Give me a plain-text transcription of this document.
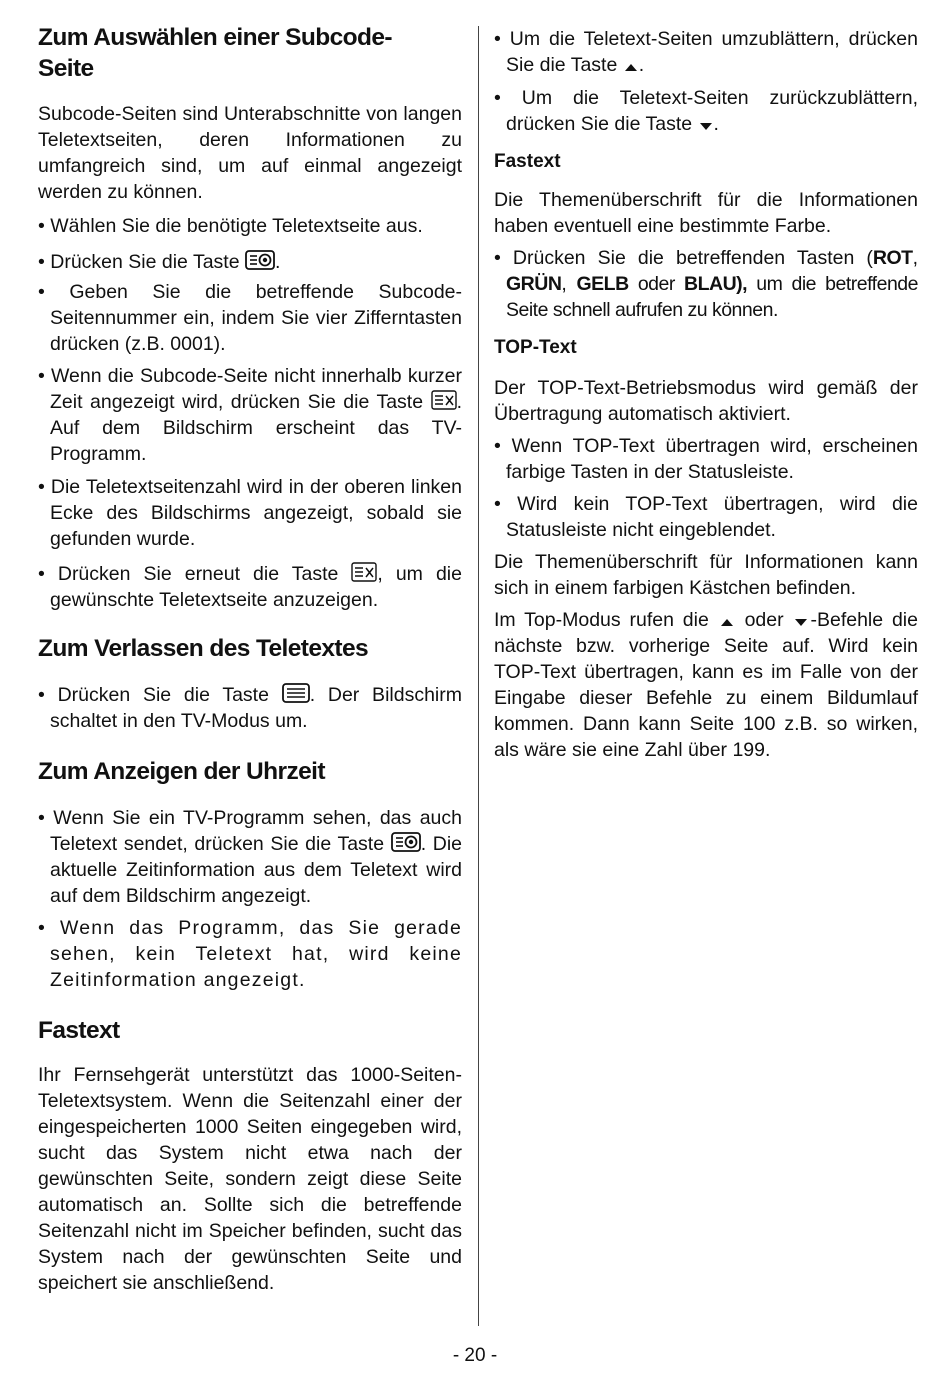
Zum Auswählen einer Subcode-Seite

Subcode-Seiten sind Unterabschnitte von langen Teletextseiten, deren Informationen zu umfangreich sind, um auf einmal angezeigt werden zu können.

• Wählen Sie die benötigte Teletextseite aus.

• Drücken Sie die Taste .

• Geben Sie die betreffende Subcode-Seitennummer ein, indem Sie vier Zifferntasten drücken (z.B. 0001).

• Wenn die Subcode-Seite nicht innerhalb kurzer Zeit angezeigt wird, drücken Sie die Taste . Auf dem Bildschirm erscheint das TV-Programm.

• Die Teletextseitenzahl wird in der oberen linken Ecke des Bildschirms angezeigt, sobald sie gefunden wurde.

• Drücken Sie erneut die Taste , um die gewünschte Teletextseite anzuzeigen.

Zum Verlassen des Teletextes

• Drücken Sie die Taste . Der Bildschirm schaltet in den TV-Modus um.

Zum Anzeigen der Uhrzeit

• Wenn Sie ein TV-Programm sehen, das auch Teletext sendet, drücken Sie die Taste . Die aktuelle Zeitinformation aus dem Teletext wird auf dem Bildschirm angezeigt.

• Wenn das Programm, das Sie gerade sehen, kein Teletext hat, wird keine Zeitinformation angezeigt.

Fastext

Ihr Fernsehgerät unterstützt das 1000-Seiten-Teletextsystem. Wenn die Seitenzahl einer der eingespeicherten 1000 Seiten eingegeben wird, sucht das System nicht etwa nach der gewünschten Seite, sondern zeigt diese Seite automatisch an. Sollte sich die betreffende Seitenzahl nicht im Speicher befinden, sucht das System nach der gewünschten Seite und speichert sie anschließend.

• Um die Teletext-Seiten umzublättern, drücken Sie die Taste .

• Um die Teletext-Seiten zurückzublättern, drücken Sie die Taste .

Fastext

Die Themenüberschrift für die Informationen haben eventuell eine bestimmte Farbe.

• Drücken Sie die betreffenden Tasten (ROT, GRÜN, GELB oder BLAU), um die betreffende Seite schnell aufrufen zu können.

TOP-Text

Der TOP-Text-Betriebsmodus wird gemäß der Übertragung automatisch aktiviert.

• Wenn TOP-Text übertragen wird, erscheinen farbige Tasten in der Statusleiste.

• Wird kein TOP-Text übertragen, wird die Statusleiste nicht eingeblendet.

Die Themenüberschrift für Informationen kann sich in einem farbigen Kästchen befinden.

Im Top-Modus rufen die  oder -Befehle die nächste bzw. vorherige Seite auf. Wird kein TOP-Text übertragen, kann es im Falle von der Eingabe dieser Befehle zu einem Bildumlauf kommen. Dann kann Seite 100 z.B. so wirken, als wäre sie eine Zahl über 199.

- 20 -
